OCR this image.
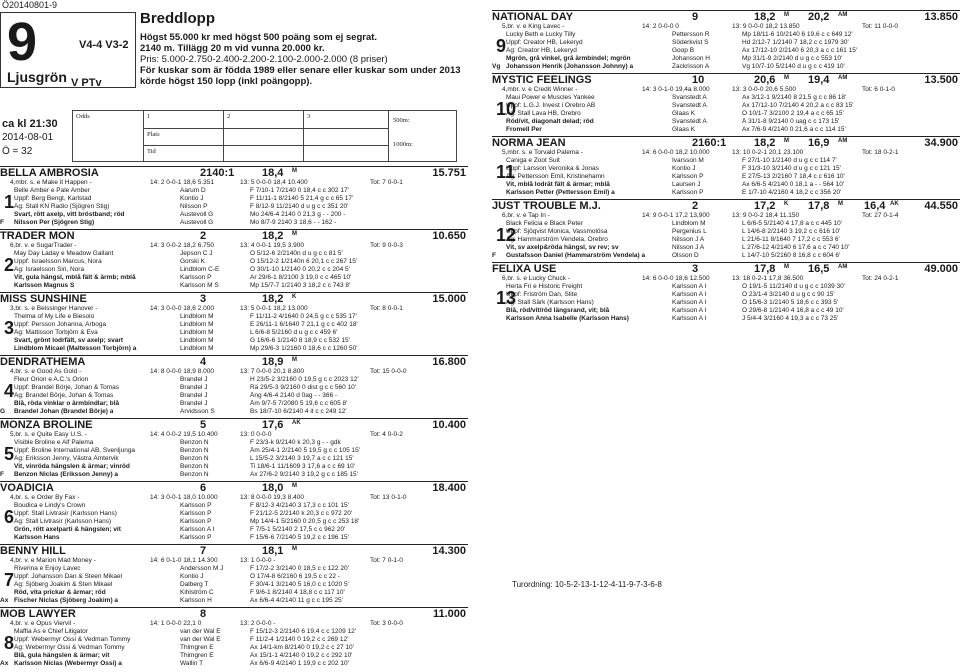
Ö20140801-9
9
Ljusgrön
V4-4 V3-2
V PTv
Breddlopp
Högst 55.000 kr med högst 500 poäng som ej segrat.
2140 m. Tillägg 20 m vid vunna 20.000 kr.
Pris: 5.000-2.750-2.400-2.200-2.100-2.000-2.000 (8 priser)
För kuskar som är födda 1989 eller senare eller kuskar som under 2013
körde högst 150 lopp (inkl poängopp).
ca kl 21:30
2014-08-01
Ö = 32
Odds	1	2	3
Plats
Tid
500m:
1000m:
BELLA AMBROSIA	2140:1	18,4 M	15.751
1
F
4,mbr. s. e Make it Happen -	14: 2 0-0-1 18,6 5.351	13: 5 0-0-0 18,4 10.400	Tot: 7 0-0-1
Belle Amber e Pale Amber	Aarum D	F 7/10-1 7/2140 0 18,4 c c 302 17'
Uppf: Berg Bengt, Karlstad	Kontio J	F 11/11-1 8/2140 5 21,4 g c c 65 17'
Äg: Stall KN Radio (Sjögren Stig)	Nilsson P	F 8/12-9 11/2140 d u g c c 351 20'
Svart, rött axelp, vitt bröstband; röd	Austevoll G	Mo 24/6-4 2140 0 21,3 g - - 200 -
Nilsson Per (Sjögren Stig)	Austevoll G	Mo 8/7-9 2140 3 18,6 - - 162 -
TRADER MON	2	18,2 M	10.650
2
6,br. v. e SugarTrader -	14: 3 0-0-2 18,2 6.750	13: 4 0-0-1 19,5 3.900	Tot: 9 0-0-3
May Day Laday e Meadow Gallant	Jepson C J	Ö 5/12-6 2/2140n d u g c c 81 5'
Uppf: Israelsson Marcus, Nora	Gorski K	Ö 15/12-2 1/2140n 6 20,1 c c 267 15'
Äg: Israelsson Siri, Nora	Lindblom C-E	Ö 30/1-10 1/2140 0 20,2 c c 204 5'
Vit, gula hängsl, mblå fält & ärmb; mblå	Karlsson P	Ar 29/6-1 8/2100 3 19,0 c c 465 10'
Karlsson Magnus S	Karlsson M S	Mp 15/7-7 1/2140 3 18,2 c c 743 8'
MISS SUNSHINE	3	18,2 K	15.000
3
3,br. s. e Beissinger Hanover -	14: 3 0-0-0 18,6 2.000	13: 5 0-0-1 18,2 13.000	Tot: 8 0-0-1
Thelma of My Life e Biesolo	Lindblom M	F 11/11-2 4/1640 0 24,5 g c c 535 17'
Uppf: Persson Johanna, Arboga	Lindblom M	E 26/11-1 6/1640 7 21,1 g c c 402 18'
Äg: Mattisson Torbjörn & Eva	Lindblom M	L 6/6-8 5/2160 d u g c c 459 6'
Svart, grönt lodrfält, sv axelp; svart	Lindblom M	G 16/6-6 1/2140 8 18,9 c c 532 15'
Lindblom Micael (Maltesson Torbjörn) a	Lindblom M	Mp 29/6-3 1/2160 0 18,6 c c 1260 50'
DENDRATHEMA	4	18,9 M	16.800
4
G
4,br. s. e Good As Gold -	14: 8 0-0-0 18,9 8.000	13: 7 0-0-0 20,1 8.800	Tot: 15 0-0-0
Fleur Orion e A.C.'s Orion	Brandel J	H 23/5-2 3/2160 0 19,5 g c c 2023 12'
Uppf: Brandel Börje, Johan & Tomas	Brandel J	Rä 29/5-3 9/2160 0 dist g c c 560 10'
Äg: Brandel Börje, Johan & Tomas	Brandel J	Ång 4/6-4 2140 d 0ag - - 366 -
Blå, röda vinklar o ärmbindlar; blå	Brandel J	Åm 9/7-5 7/2080 5 19,6 c c 605 8'
Brandel Johan (Brandel Börje) a	Arvidsson S	Bs 18/7-10 6/2140 4 it c c 249 12'
MONZA BROLINE	5	17,6 AK	10.400
5
F
5,br. s. e Quite Easy U.S. -	14: 4 0-0-2 19,5 10.400	13: 0 0-0-0	Tot: 4 0-0-2
Visible Broline e Alf Palema	Benzon N	F 23/3-k 9/2140 k 20,3 g - - gdk
Uppf: Broline International AB, Svenljunga	Benzon N	Åm 25/4-1 2/2140 5 19,5 g c c 105 15'
Äg: Eriksson Jenny, Västra Ämtervik	Benzon N	L 15/5-2 3/2140 3 19,7 a c c 121 15'
Vit, vinröda hängslen & ärmar; vinröd	Benzon N	Ti 18/6-1 11/1609 3 17,6 a c c 69 10'
Benzon Niclas (Eriksson Jenny) a	Benzon N	Ax 27/6-2 9/2140 3 19,2 g c c 185 15'
VOADICIA	6	18,0 M	18.400
6
4,br. s. e Order By Fax -	14: 3 0-0-1 18,0 10.000	13: 8 0-0-0 19,3 8.400	Tot: 13 0-1-0
Boudica e Lindy's Crown	Karlsson P	F 8/12-3 4/2140 3 17,3 c c 101 15'
Uppf: Stall Livtrasir (Karlsson Hans)	Karlsson P	F 21/12-5 2/2140 k 20,3 c c 972 20'
Äg: Stall Livtrasir (Karlsson Hans)	Karlsson P	Mp 14/4-1 5/2160 0 20,5 g c c 253 18'
Grön, rött axelparti & hängslen; vit	Karlsson A I	F 7/5-1 5/2140 2 17,5 c c 962 20'
Karlsson Hans	Karlsson P	F 15/6-6 7/2140 5 19,2 c c 196 15'
BENNY HILL	7	18,1 M	14.300
7
Ax
4,br. v. e Marion Mad Money -	14: 6 0-1-0 18,1 14.300	13: 1 0-0-0 -	Tot: 7 0-1-0
Riverina e Enjoy Lavec	Andersson M J	F 17/2-2 3/2140 0 18,5 c c 122 20'
Uppf: Johansson Dan & Steen Mikael	Kontio J	Ö 17/4-8 6/2160 6 19,5 c c 22 -
Äg: Sjöberg Joakim & Sten Mikael	Dalberg T	F 30/4-1 3/2140 5 16,0 c c 1020 5'
Röd, vita prickar & ärmar; röd	Kihlström C	F 9/6-1 8/2140 4 18,8 c c 117 10'
Fischer Niclas (Sjöberg Joakim) a	Karlsson H	Ax 6/6-4 4/2140 11 g c c 195 25'
MOB LAWYER	8	11.000
8
Ax
4,br. v. e Opus Viervil -	14: 1 0-0-0 22,1 0	13: 2 0-0-0 -	Tot: 3 0-0-0
Maffia As e Chief Litigator	van der Wal E	F 15/12-3 2/2140 6 19,4 c c 1209 12'
Uppf: Webermyr Ossi & Vedman Tommy	van der Wal E	F 11/2-4 1/2140 0 19,2 c c 269 12'
Äg: Webermyr Ossi & Vedman Tommy	Thimgren E	Ax 14/1-km 8/2140 0 19,2 c c 27 10'
Blå, gula hängslen & ärmar; vit	Thimgren E	Ax 15/1-1 4/2140 0 19,2 c c 292 10'
Karlsson Niclas (Webermyr Ossi) a	Wallin T	Ax 6/6-9 4/2140 1 19,9 c c 202 10'
NATIONAL DAY	9	18,2 M 20,2 AM	13.850
9
Vg
5,br. v. e King Lavec -	14: 2 0-0-0 0	13: 9 0-0-0 18,2 13.850	Tot: 11 0-0-0
Lucky Beth e Lucky Tilly	Pettersson R	Mp 18/11-6 10/2140 6 19,6 c c 649 12'
Uppf: Creator HB, Lekeryd	Söderkvist S	Hd 2/12-7 1/2140 7 18,2 c c 1979 30'
Äg: Creator HB, Lekeryd	Goop B	Ax 17/12-10 2/2140 6 20,3 a c c 161 15'
Mgrön, grå vinkel, grå ärmbindel; mgrön	Johansson H	Mp 31/1-9 2/2140 d u g c c 553 10'
Johansson Henrik (Johansson Johnny) a	Zackrisson A	Vg 10/7-10 5/2140 d u g c c 419 10'
MYSTIC FEELINGS	10	20,6 M 19,4 AM	13.500
10
4,mbr. v. e Credit Winner -	14: 3 0-1-0 19,4a 8.000	13: 3 0-0-0 20,6 5.500	Tot: 6 0-1-0
Maui Power e Muscles Yankee	Svanstedt A	Ax 3/12-1 9/2140 8 21,5 g c c 86 18'
Uppf: L.G.J. Invest i Örebro AB	Svanstedt A	Ax 17/12-10 7/2140 4 20,2 a c c 83 15'
Äg: Stall Lava HB, Örebro	Glaas K	Ö 10/1-7 3/2100 2 19,4 a c c 65 15'
Röd/vit, diagonalt delad; röd	Svanstedt A	Å 31/1-8 9/2140 0 uag c c 173 15'
Fromell Per	Glaas K	Ax 7/6-9 4/2140 0 21,6 a c c 114 15'
NORMA JEAN	2160:1	18,2 M 16,9 AM	34.900
11
5,mbr. s. e Torvald Palema -	14: 6 0-0-0 18,2 10.000	13: 10 0-2-1 20,1 23.100	Tot: 18 0-2-1
Caniga e Zoot Suit	Ivarsson M	F 27/1-10 1/2140 d u g c c 114 7'
Uppf: Larsson Veronika & Jonas	Kontio J	F 31/3-10 3/2140 d u g c c 121 15'
Äg: Pettersson Emil, Kristinehamn	Karlsson P	E 27/5-13 2/2160 7 18,4 c c 616 10'
Vit, mblå lodrät fält & ärmar; mblå	Laursen J	Ax 6/6-5 4/2140 0 18,1 a - - 564 10'
Karlsson Petter (Pettersson Emil) a	Karlsson P	E 1/7-10 4/2160 4 18,2 c c 356 20'
JUST TROUBLE M.J.	2	17,2 K 17,8 M 16,4 AK 44.550
12
F
6,br. v. e Tap In -	14: 9 0-0-1 17,2 13,900	13: 9 0-0-2 18,4 11.150	Tot: 27 0-1-4
Black Felicia e Black Peter	Lindblom M	L 6/6-5 5/2140 4 17,8 a c c 445 10'
Uppf: Sjöqvist Monica, Vassmolösa	Pergenius L	L 14/6-8 2/2140 3 19,2 c c 616 10'
Äg: Hammarström Vendela, Örebro	Nilsson J A	L 21/6-11 8/1640 7 17,2 c c 553 6'
Vit, sv axelp&röda hängsl, sv rev; sv	Nilsson J A	L 27/6-12 4/2140 6 17,6 a c c 740 10'
Gustafsson Daniel (Hammarström Vendela) a	Olsson D	L 14/7-10 5/2160 8 16,8 c c 604 6'
FELIXA USE	3	17,8 M 16,5 AM	49.000
13
6,br. s. e Lucky Chuck -	14: 6 0-0-0 18,6 12.500	13: 18 0-2-1 17,8 36.500	Tot: 24 0-2-1
Herta Fri e Historic Freight	Karlsson A I	Ö 19/1-5 11/2140 d u g c c 1039 30'
Uppf: Friström Dan, Slite	Karlsson A I	Ö 23/1-4 3/2140 d u g c c 90 15'
Äg: Stall Särk (Karlsson Hans)	Karlsson A I	Ö 15/6-3 1/2140 5 18,6 c c 393 5'
Blå, röd/vit/röd längsrand, vit; blå	Karlsson A I	Ö 29/6-8 1/2140 4 16,8 a c c 49 10'
Karlsson Anna Isabelle (Karlsson Hans)	Karlsson A I	J 5/4-4 3/2160 4 19,3 a c c 73 25'
Turordning: 10-5-2-13-1-12-4-11-9-7-3-6-8
